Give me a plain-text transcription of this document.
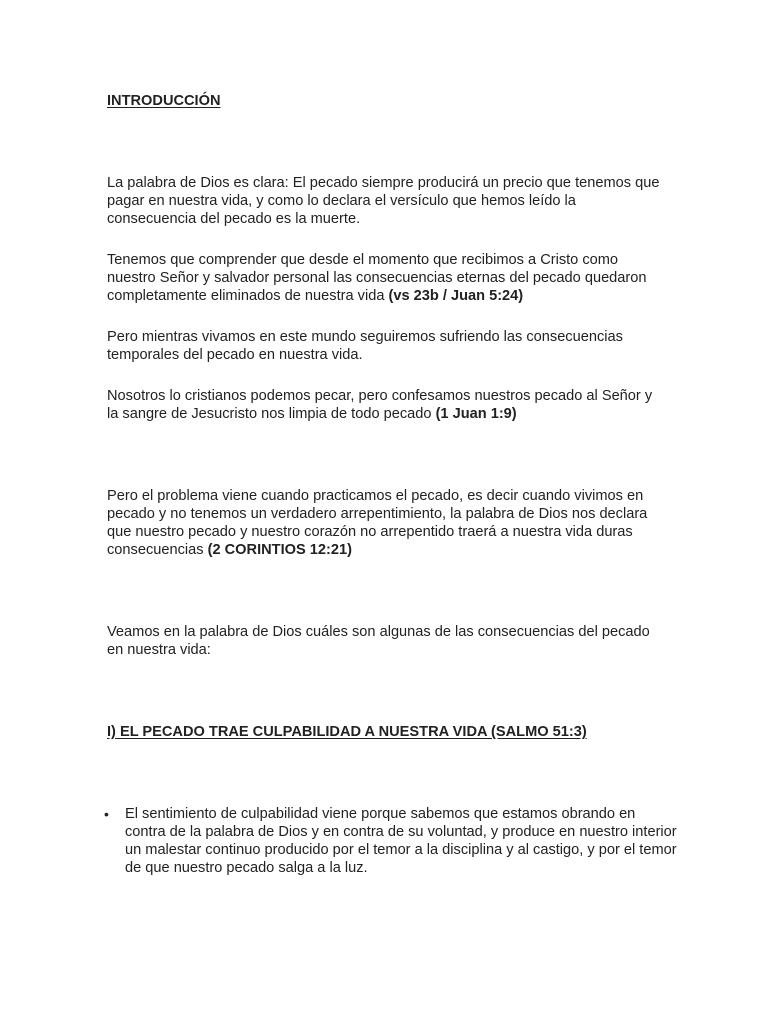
INTRODUCCIÓN

La palabra de Dios es clara: El pecado siempre producirá un precio que tenemos que pagar en nuestra vida, y como lo declara el versículo que hemos leído la consecuencia del pecado es la muerte.

Tenemos que comprender que desde el momento que recibimos a Cristo como nuestro Señor y salvador personal las consecuencias eternas del pecado quedaron completamente eliminados de nuestra vida (vs 23b / Juan 5:24)

Pero mientras vivamos en este mundo seguiremos sufriendo las consecuencias temporales del pecado en nuestra vida.

Nosotros lo cristianos podemos pecar, pero confesamos nuestros pecado al Señor y la sangre de Jesucristo nos limpia de todo pecado (1 Juan 1:9)

Pero el problema viene cuando practicamos el pecado, es decir cuando vivimos en pecado y no tenemos un verdadero arrepentimiento, la palabra de Dios nos declara que nuestro pecado y nuestro corazón no arrepentido traerá a nuestra vida duras consecuencias (2 CORINTIOS 12:21)

Veamos en la palabra de Dios cuáles son algunas de las consecuencias del pecado en nuestra vida:

I) EL PECADO TRAE CULPABILIDAD A NUESTRA VIDA (SALMO 51:3)
• El sentimiento de culpabilidad viene porque sabemos que estamos obrando en contra de la palabra de Dios y en contra de su voluntad, y produce en nuestro interior un malestar continuo producido por el temor a la disciplina y al castigo, y por el temor de que nuestro pecado salga a la luz.
